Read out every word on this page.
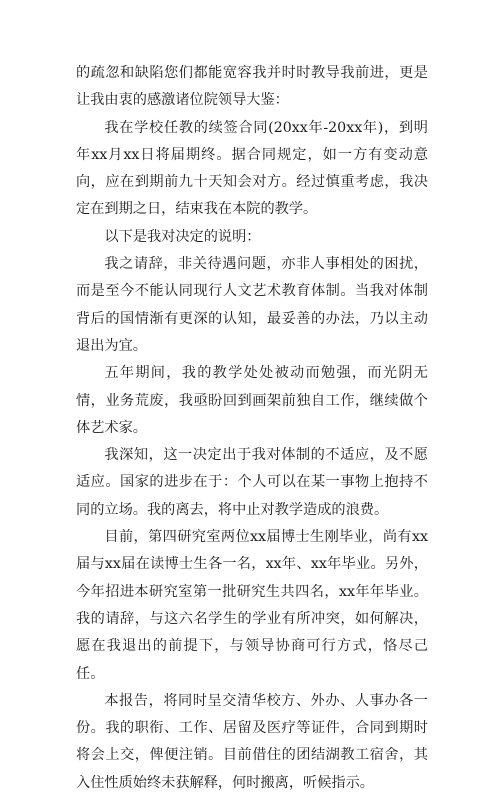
的疏忽和缺陷您们都能宽容我并时时教导我前进，更是让我由衷的感激诸位院领导大鉴：

我在学校任教的续签合同(20xx年-20xx年)，到明年xx月xx日将届期终。据合同规定，如一方有变动意向，应在到期前九十天知会对方。经过慎重考虑，我决定在到期之日，结束我在本院的教学。

以下是我对决定的说明：

我之请辞，非关待遇问题，亦非人事相处的困扰，而是至今不能认同现行人文艺术教育体制。当我对体制背后的国情渐有更深的认知，最妥善的办法，乃以主动退出为宜。

五年期间，我的教学处处被动而勉强，而光阴无情，业务荒废，我亟盼回到画架前独自工作，继续做个体艺术家。

我深知，这一决定出于我对体制的不适应，及不愿适应。国家的进步在于：个人可以在某一事物上抱持不同的立场。我的离去，将中止对教学造成的浪费。

目前，第四研究室两位xx届博士生刚毕业，尚有xx届与xx届在读博士生各一名，xx年、xx年毕业。另外，今年招进本研究室第一批研究生共四名，xx年年毕业。我的请辞，与这六名学生的学业有所冲突，如何解决，愿在我退出的前提下，与领导协商可行方式，恪尽己任。

本报告，将同时呈交清华校方、外办、人事办各一份。我的职衔、工作、居留及医疗等证件，合同到期时将会上交，俾便注销。目前借住的团结湖教工宿舍，其入住性质始终未获解释，何时搬离，听候指示。
